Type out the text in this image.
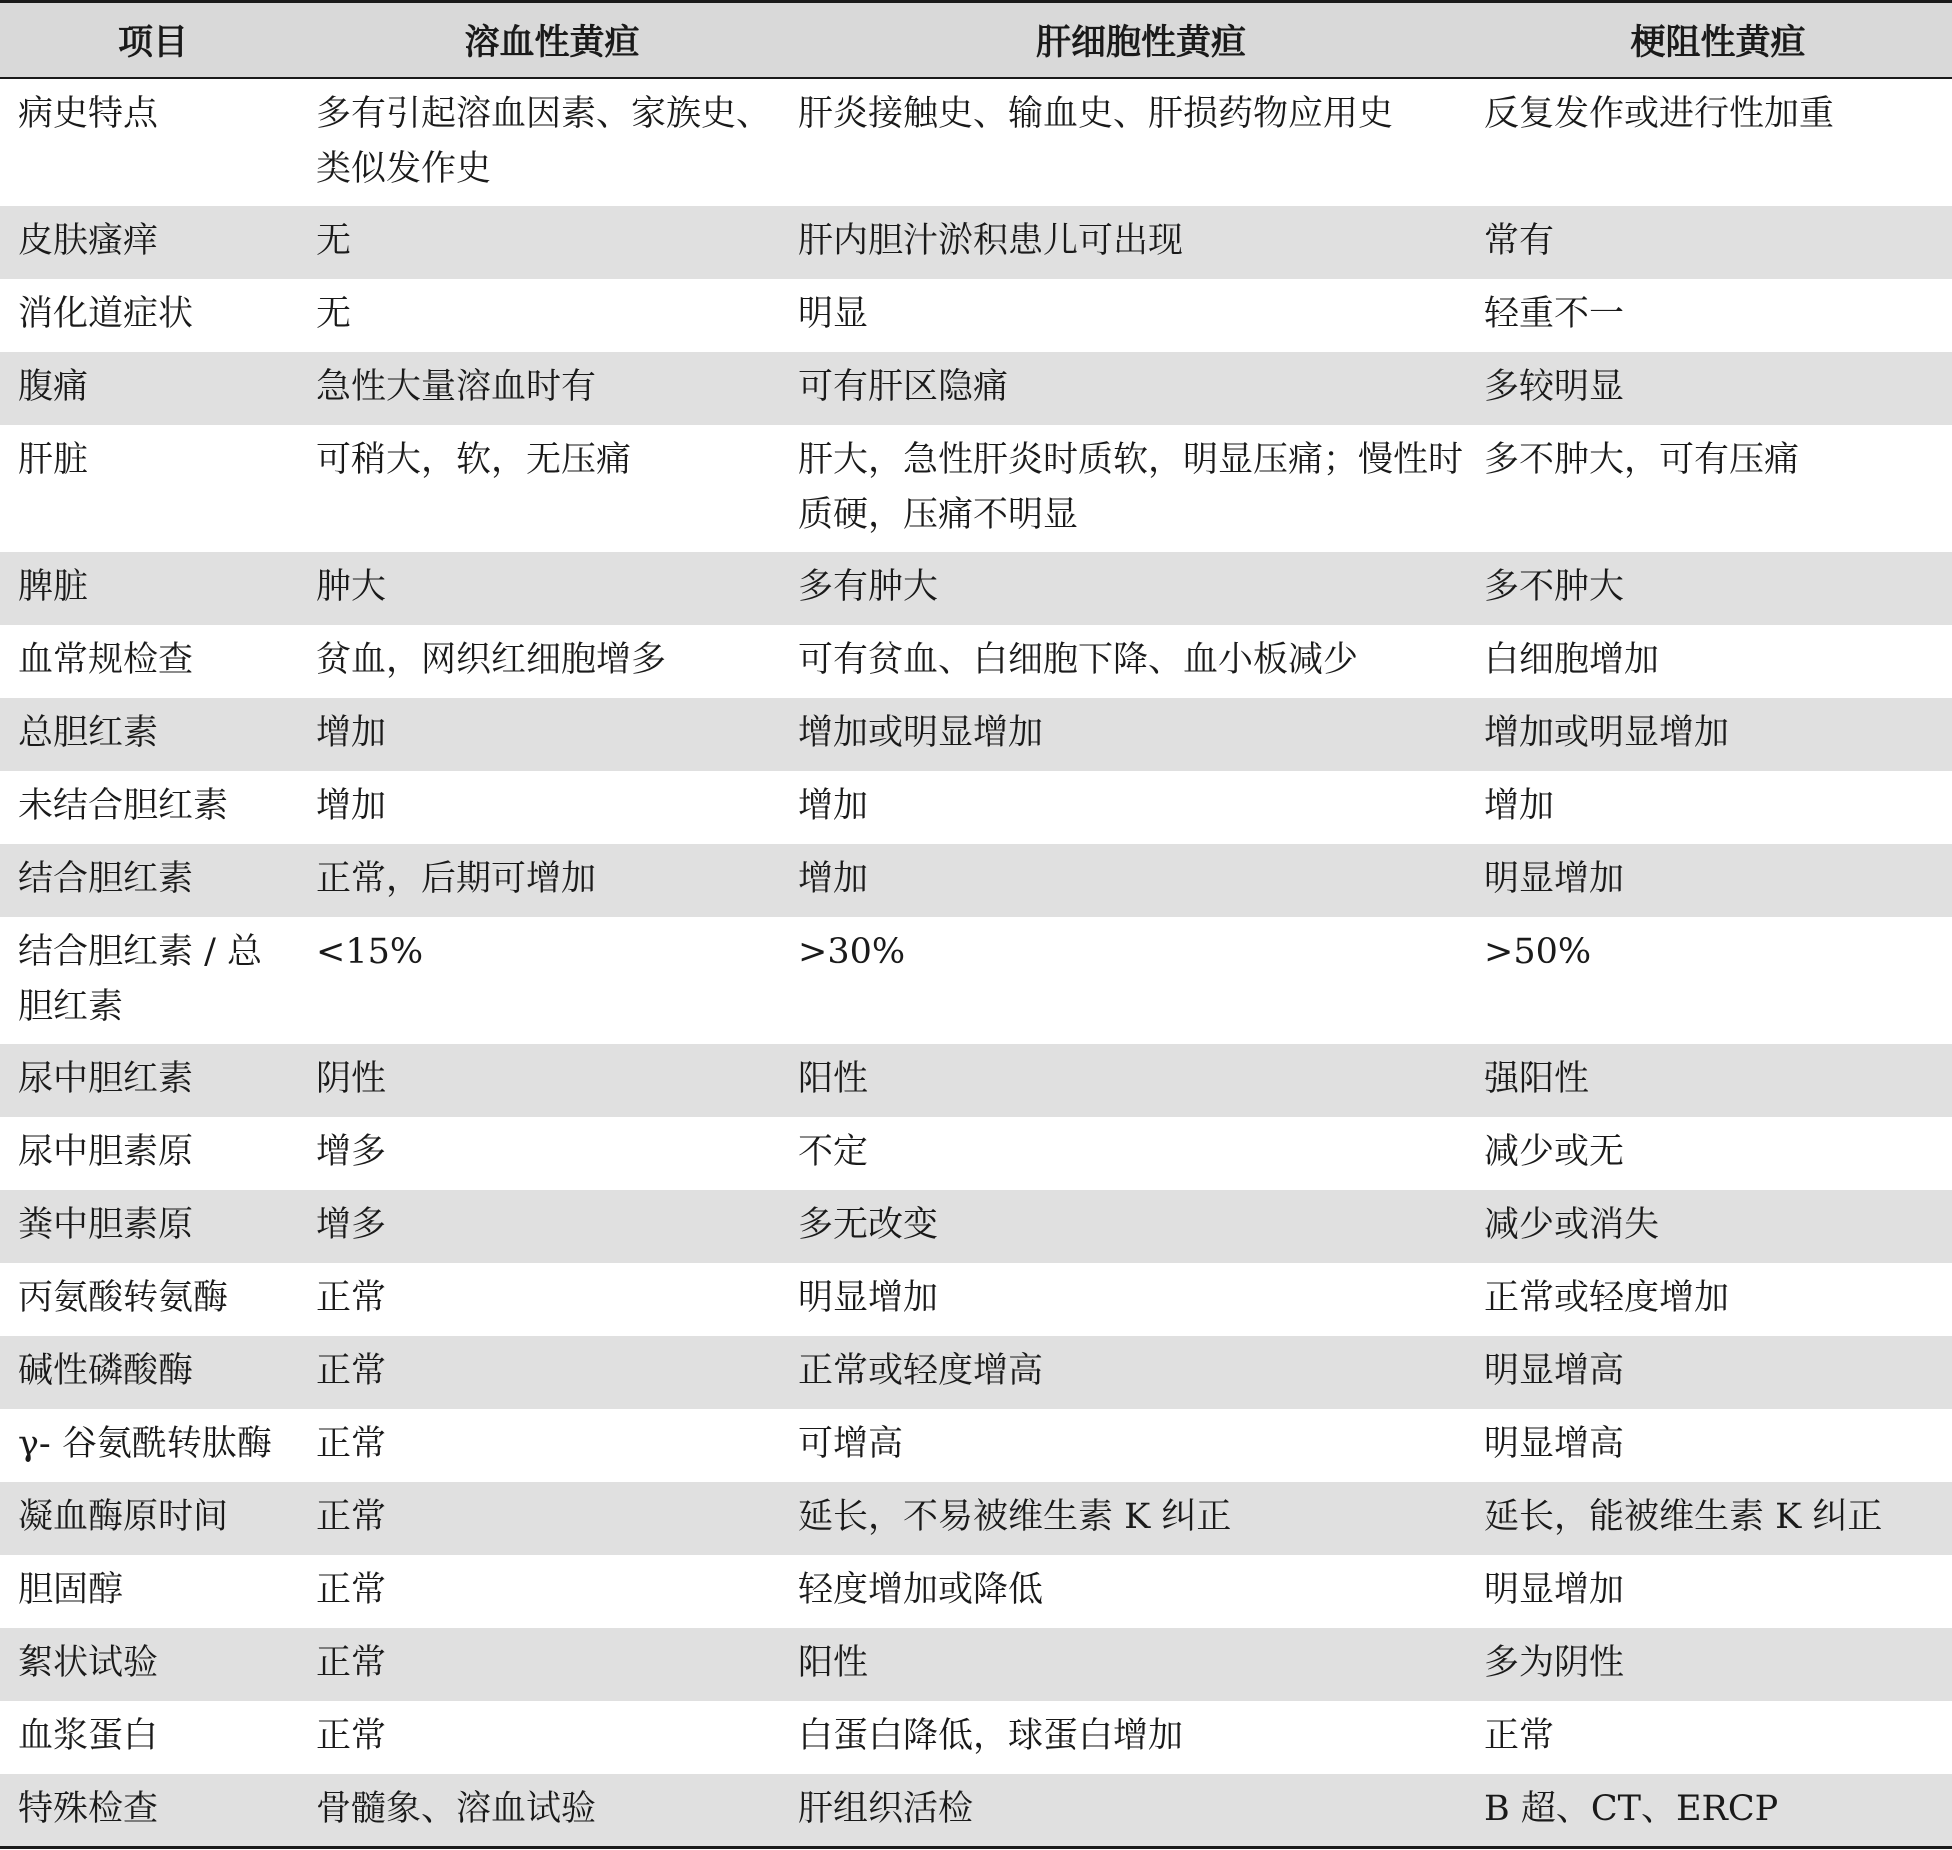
项目	溶血性黄疸	肝细胞性黄疸	梗阻性黄疸
病史特点	多有引起溶血因素、家族史、类似发作史	肝炎接触史、输血史、肝损药物应用史	反复发作或进行性加重
皮肤瘙痒	无	肝内胆汁淤积患儿可出现	常有
消化道症状	无	明显	轻重不一
腹痛	急性大量溶血时有	可有肝区隐痛	多较明显
肝脏	可稍大，软，无压痛	肝大，急性肝炎时质软，明显压痛；慢性时质硬，压痛不明显	多不肿大，可有压痛
脾脏	肿大	多有肿大	多不肿大
血常规检查	贫血，网织红细胞增多	可有贫血、白细胞下降、血小板减少	白细胞增加
总胆红素	增加	增加或明显增加	增加或明显增加
未结合胆红素	增加	增加	增加
结合胆红素	正常，后期可增加	增加	明显增加
结合胆红素 / 总胆红素	<15%	>30%	>50%
尿中胆红素	阴性	阳性	强阳性
尿中胆素原	增多	不定	减少或无
粪中胆素原	增多	多无改变	减少或消失
丙氨酸转氨酶	正常	明显增加	正常或轻度增加
碱性磷酸酶	正常	正常或轻度增高	明显增高
γ- 谷氨酰转肽酶	正常	可增高	明显增高
凝血酶原时间	正常	延长，不易被维生素 K 纠正	延长，能被维生素 K 纠正
胆固醇	正常	轻度增加或降低	明显增加
絮状试验	正常	阳性	多为阴性
血浆蛋白	正常	白蛋白降低，球蛋白增加	正常
特殊检查	骨髓象、溶血试验	肝组织活检	B 超、CT、ERCP
